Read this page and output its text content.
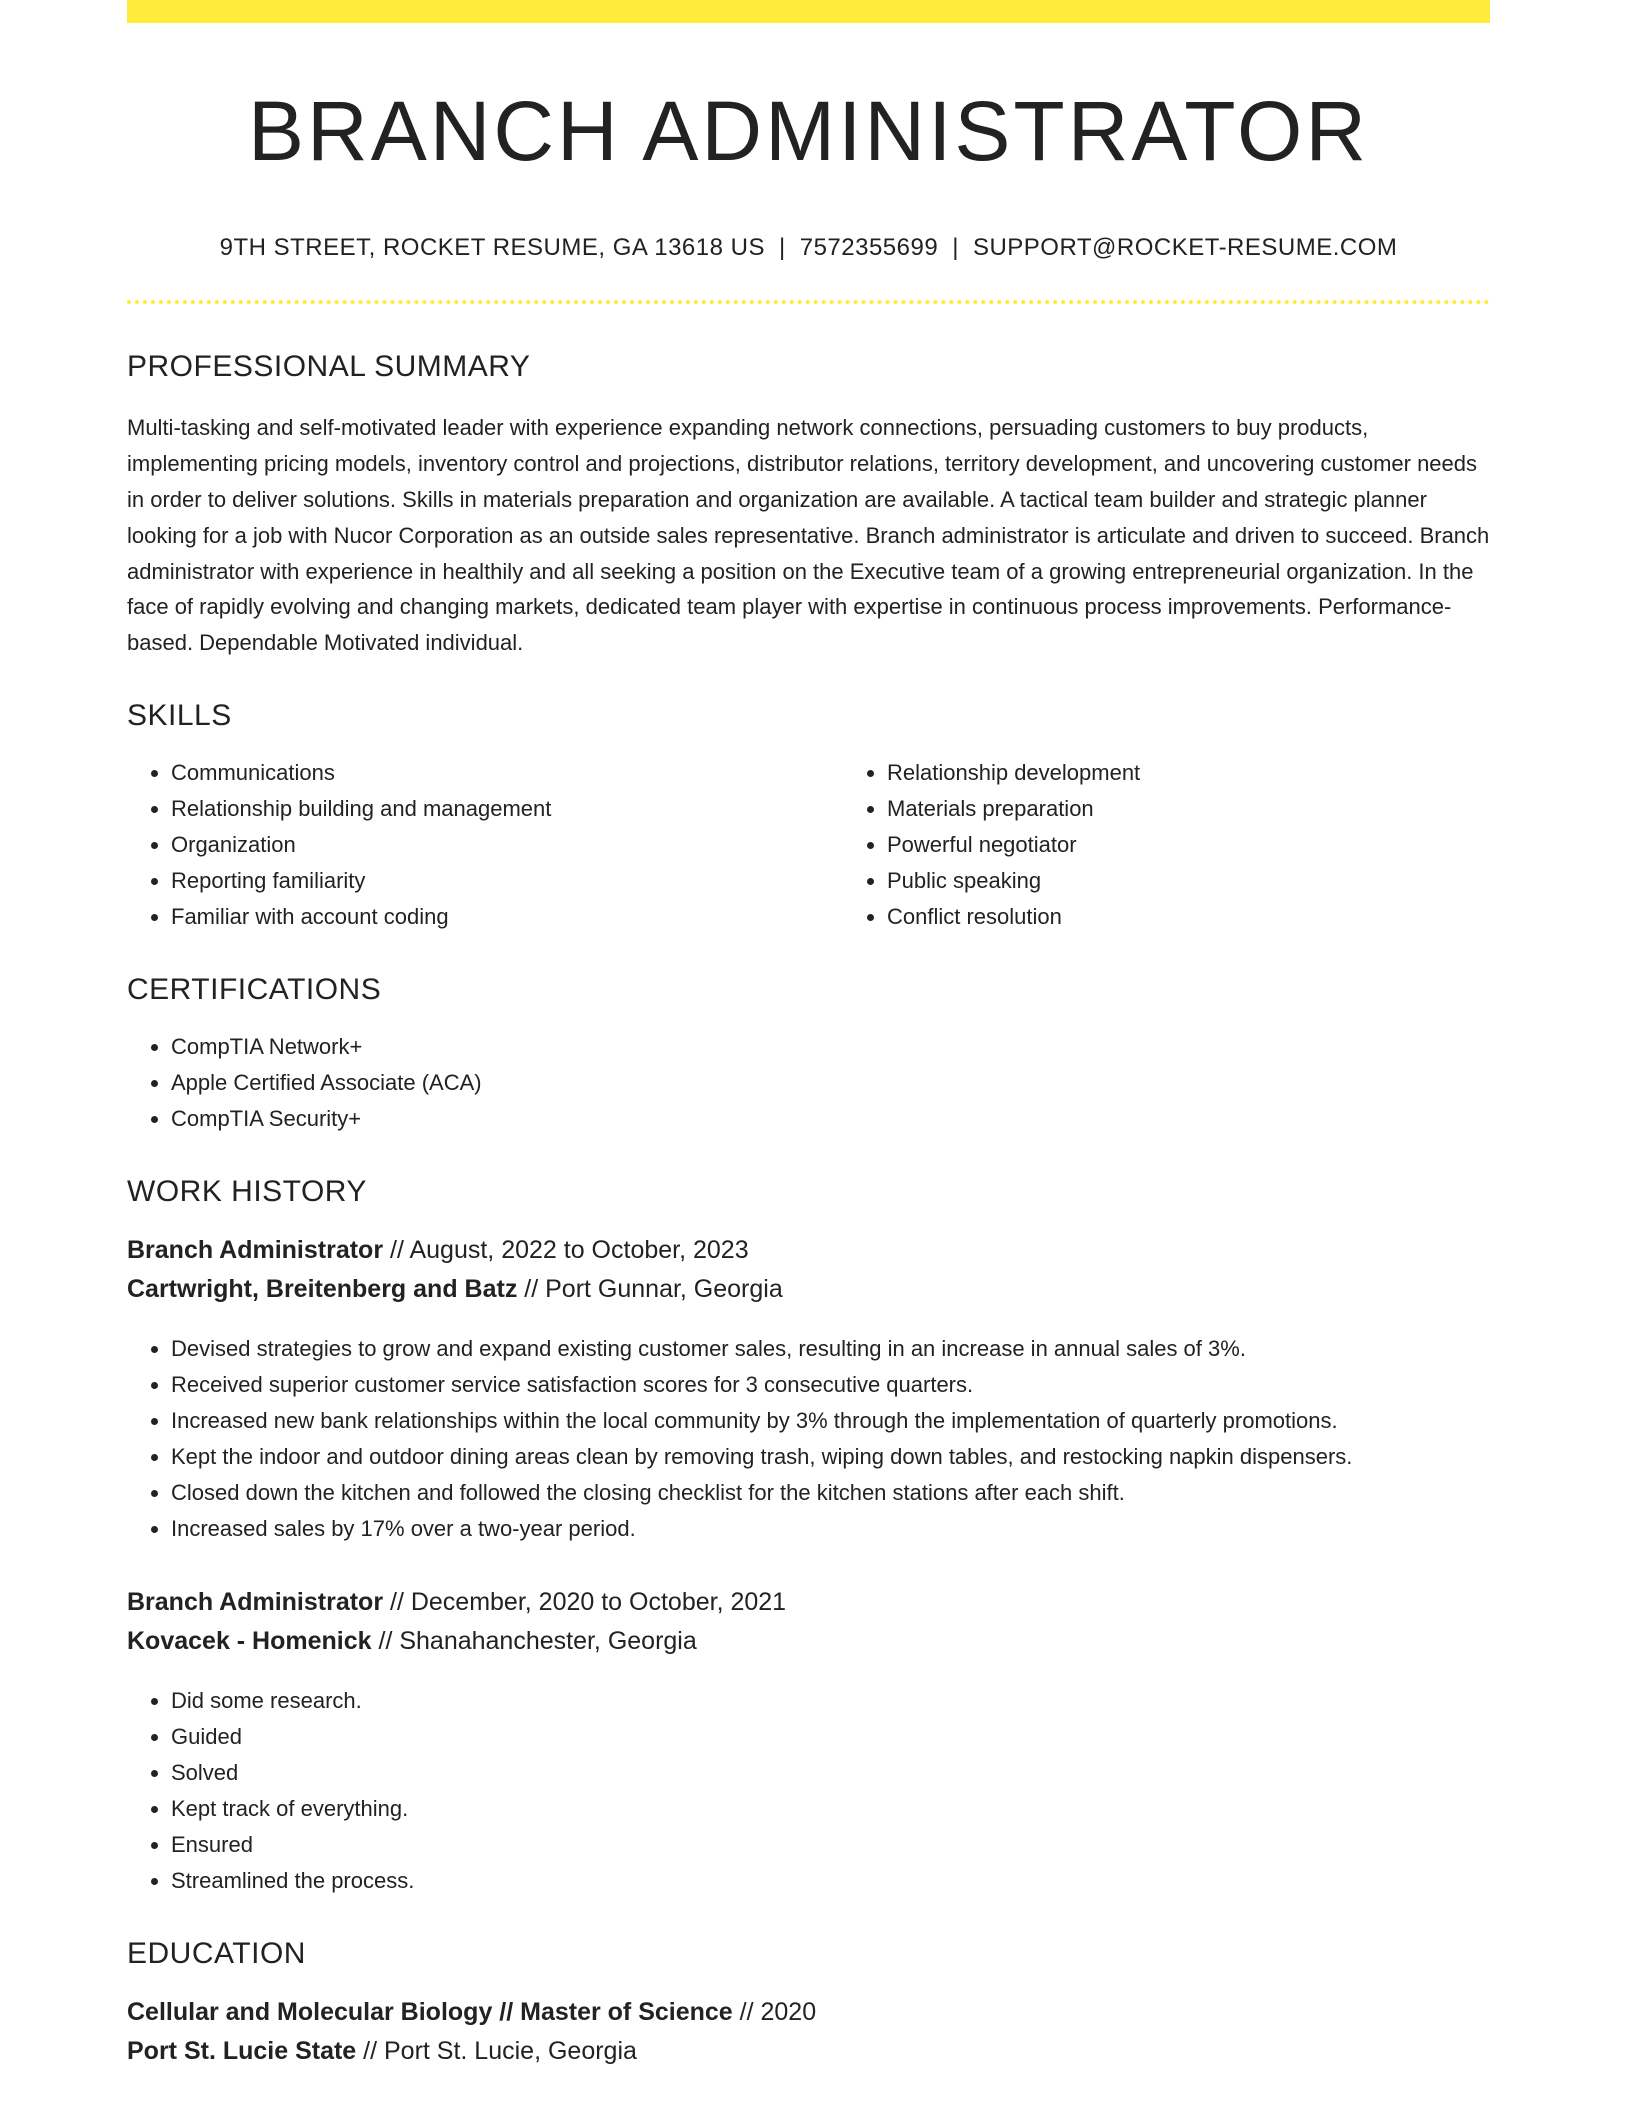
BRANCH ADMINISTRATOR
9TH STREET, ROCKET RESUME, GA 13618 US | 7572355699 | SUPPORT@ROCKET-RESUME.COM
PROFESSIONAL SUMMARY
Multi-tasking and self-motivated leader with experience expanding network connections, persuading customers to buy products, implementing pricing models, inventory control and projections, distributor relations, territory development, and uncovering customer needs in order to deliver solutions. Skills in materials preparation and organization are available. A tactical team builder and strategic planner looking for a job with Nucor Corporation as an outside sales representative. Branch administrator is articulate and driven to succeed. Branch administrator with experience in healthily and all seeking a position on the Executive team of a growing entrepreneurial organization. In the face of rapidly evolving and changing markets, dedicated team player with expertise in continuous process improvements. Performance-based. Dependable Motivated individual.
SKILLS
• Communications
• Relationship building and management
• Organization
• Reporting familiarity
• Familiar with account coding
• Relationship development
• Materials preparation
• Powerful negotiator
• Public speaking
• Conflict resolution
CERTIFICATIONS
• CompTIA Network+
• Apple Certified Associate (ACA)
• CompTIA Security+
WORK HISTORY
Branch Administrator // August, 2022 to October, 2023
Cartwright, Breitenberg and Batz // Port Gunnar, Georgia
• Devised strategies to grow and expand existing customer sales, resulting in an increase in annual sales of 3%.
• Received superior customer service satisfaction scores for 3 consecutive quarters.
• Increased new bank relationships within the local community by 3% through the implementation of quarterly promotions.
• Kept the indoor and outdoor dining areas clean by removing trash, wiping down tables, and restocking napkin dispensers.
• Closed down the kitchen and followed the closing checklist for the kitchen stations after each shift.
• Increased sales by 17% over a two-year period.
Branch Administrator // December, 2020 to October, 2021
Kovacek - Homenick // Shanahanchester, Georgia
• Did some research.
• Guided
• Solved
• Kept track of everything.
• Ensured
• Streamlined the process.
EDUCATION
Cellular and Molecular Biology // Master of Science // 2020
Port St. Lucie State // Port St. Lucie, Georgia
